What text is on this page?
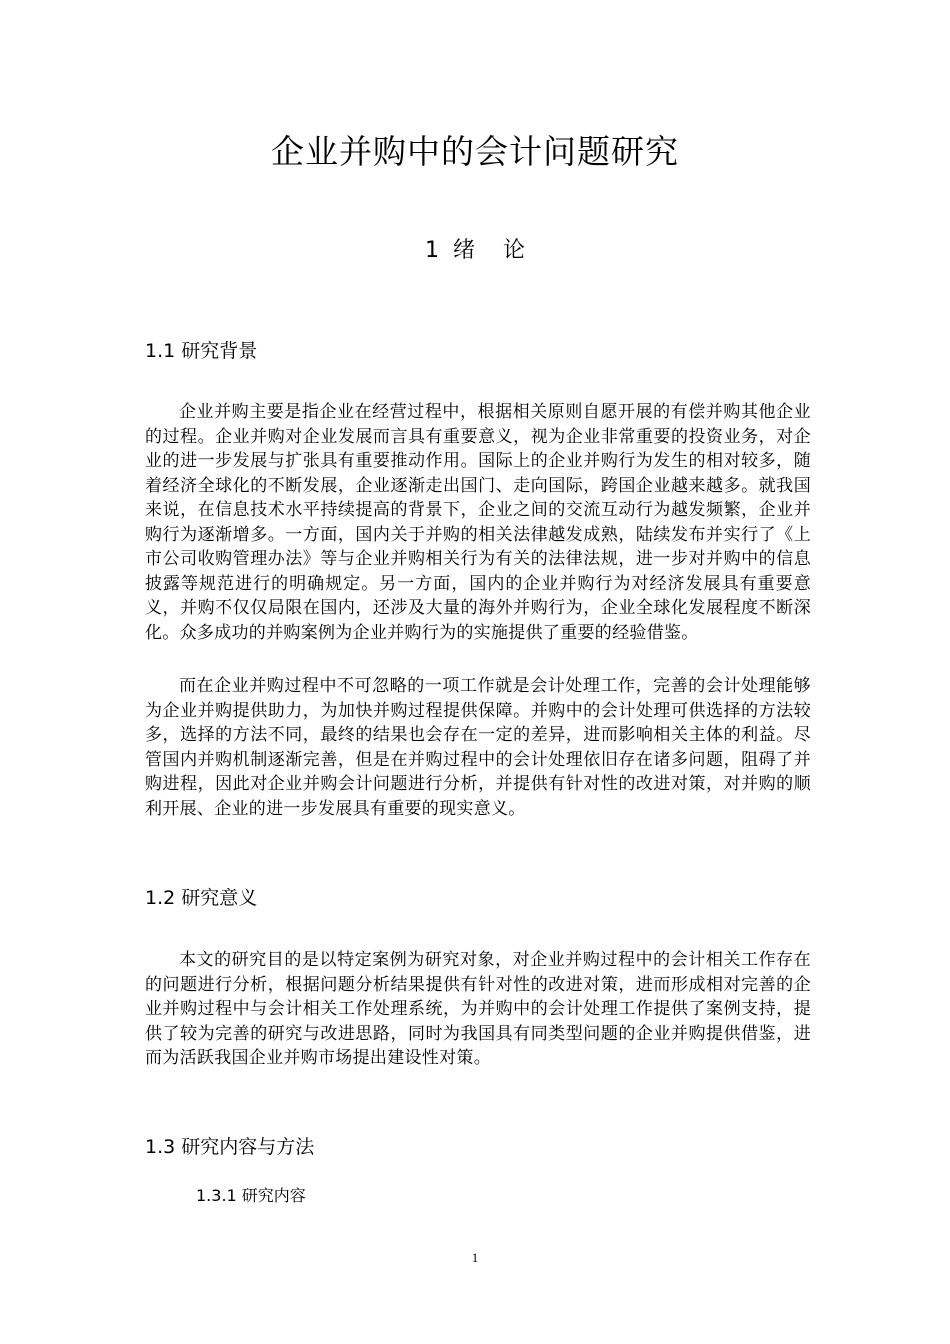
企业并购中的会计问题研究
1  绪    论
1.1 研究背景
企业并购主要是指企业在经营过程中，根据相关原则自愿开展的有偿并购其他企业的过程。企业并购对企业发展而言具有重要意义，视为企业非常重要的投资业务，对企业的进一步发展与扩张具有重要推动作用。国际上的企业并购行为发生的相对较多，随着经济全球化的不断发展，企业逐渐走出国门、走向国际，跨国企业越来越多。就我国来说，在信息技术水平持续提高的背景下，企业之间的交流互动行为越发频繁，企业并购行为逐渐增多。一方面，国内关于并购的相关法律越发成熟，陆续发布并实行了《上市公司收购管理办法》等与企业并购相关行为有关的法律法规，进一步对并购中的信息披露等规范进行的明确规定。另一方面，国内的企业并购行为对经济发展具有重要意义，并购不仅仅局限在国内，还涉及大量的海外并购行为，企业全球化发展程度不断深化。众多成功的并购案例为企业并购行为的实施提供了重要的经验借鉴。
而在企业并购过程中不可忽略的一项工作就是会计处理工作，完善的会计处理能够为企业并购提供助力，为加快并购过程提供保障。并购中的会计处理可供选择的方法较多，选择的方法不同，最终的结果也会存在一定的差异，进而影响相关主体的利益。尽管国内并购机制逐渐完善，但是在并购过程中的会计处理依旧存在诸多问题，阻碍了并购进程，因此对企业并购会计问题进行分析，并提供有针对性的改进对策，对并购的顺利开展、企业的进一步发展具有重要的现实意义。
1.2 研究意义
本文的研究目的是以特定案例为研究对象，对企业并购过程中的会计相关工作存在的问题进行分析，根据问题分析结果提供有针对性的改进对策，进而形成相对完善的企业并购过程中与会计相关工作处理系统，为并购中的会计处理工作提供了案例支持，提供了较为完善的研究与改进思路，同时为我国具有同类型问题的企业并购提供借鉴，进而为活跃我国企业并购市场提出建设性对策。
1.3 研究内容与方法
1.3.1 研究内容
1
